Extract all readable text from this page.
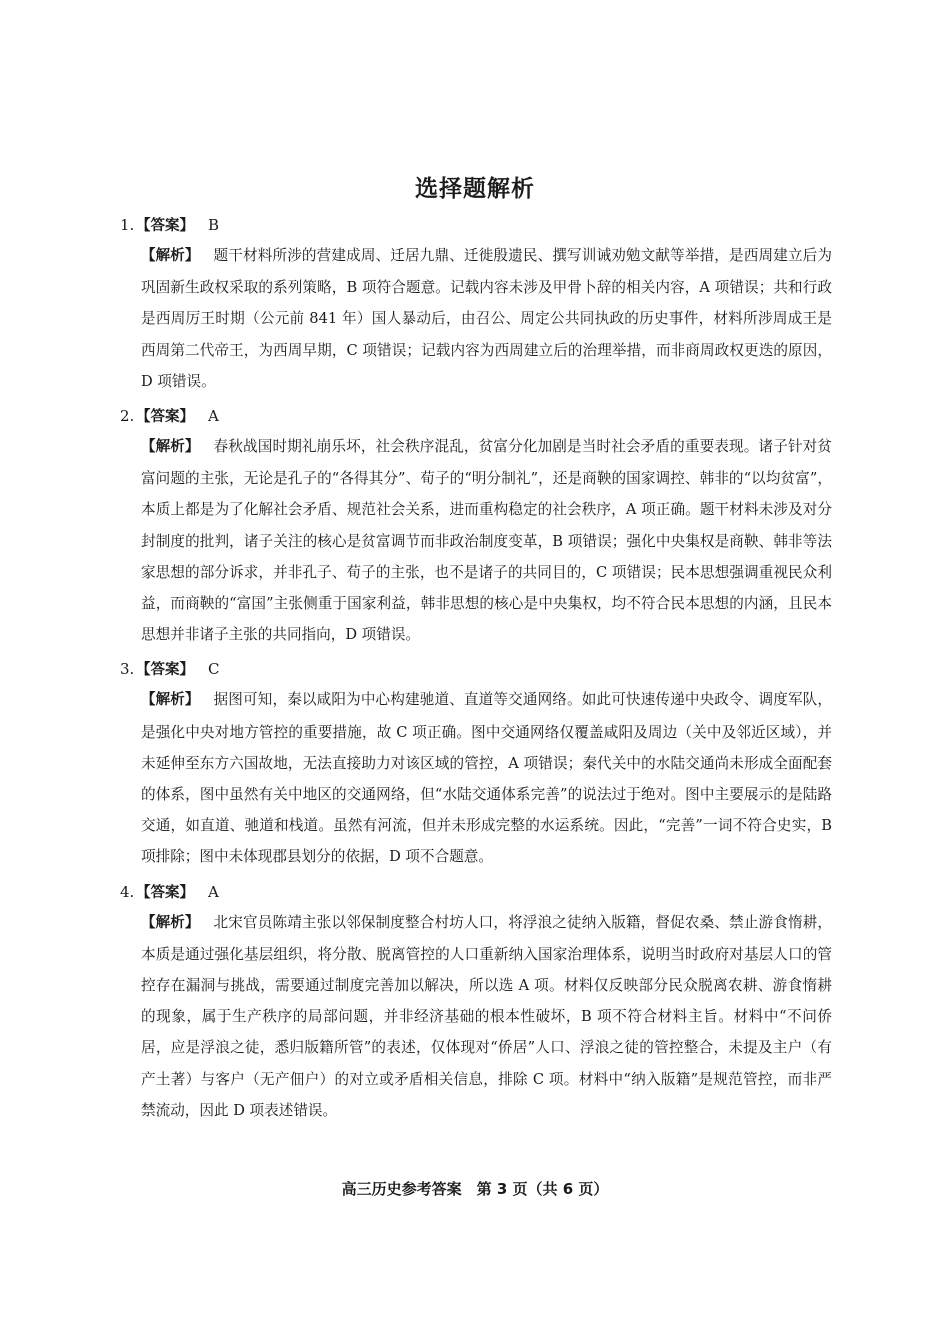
选择题解析
1. 【答案】 B
【解析】 题干材料所涉的营建成周、迁居九鼎、迁徙殷遗民、撰写训诫劝勉文献等举措，是西周建立后为巩固新生政权采取的系列策略，B 项符合题意。记载内容未涉及甲骨卜辞的相关内容，A 项错误；共和行政是西周厉王时期（公元前 841 年）国人暴动后，由召公、周定公共同执政的历史事件，材料所涉周成王是西周第二代帝王，为西周早期，C 项错误；记载内容为西周建立后的治理举措，而非商周政权更迭的原因，D 项错误。
2. 【答案】 A
【解析】 春秋战国时期礼崩乐坏，社会秩序混乱，贫富分化加剧是当时社会矛盾的重要表现。诸子针对贫富问题的主张，无论是孔子的“各得其分”、荀子的“明分制礼”，还是商鞅的国家调控、韩非的“以均贫富”，本质上都是为了化解社会矛盾、规范社会关系，进而重构稳定的社会秩序，A 项正确。题干材料未涉及对分封制度的批判，诸子关注的核心是贫富调节而非政治制度变革，B 项错误；强化中央集权是商鞅、韩非等法家思想的部分诉求，并非孔子、荀子的主张，也不是诸子的共同目的，C 项错误；民本思想强调重视民众利益，而商鞅的“富国”主张侧重于国家利益，韩非思想的核心是中央集权，均不符合民本思想的内涵，且民本思想并非诸子主张的共同指向，D 项错误。
3. 【答案】 C
【解析】 据图可知，秦以咸阳为中心构建驰道、直道等交通网络。如此可快速传递中央政令、调度军队，是强化中央对地方管控的重要措施，故 C 项正确。图中交通网络仅覆盖咸阳及周边（关中及邻近区域），并未延伸至东方六国故地，无法直接助力对该区域的管控，A 项错误；秦代关中的水陆交通尚未形成全面配套的体系，图中虽然有关中地区的交通网络，但“水陆交通体系完善”的说法过于绝对。图中主要展示的是陆路交通，如直道、驰道和栈道。虽然有河流，但并未形成完整的水运系统。因此，“完善”一词不符合史实，B 项排除；图中未体现郡县划分的依据，D 项不合题意。
4. 【答案】 A
【解析】 北宋官员陈靖主张以邻保制度整合村坊人口，将浮浪之徒纳入版籍，督促农桑、禁止游食惰耕，本质是通过强化基层组织，将分散、脱离管控的人口重新纳入国家治理体系，说明当时政府对基层人口的管控存在漏洞与挑战，需要通过制度完善加以解决，所以选 A 项。材料仅反映部分民众脱离农耕、游食惰耕的现象，属于生产秩序的局部问题，并非经济基础的根本性破坏，B 项不符合材料主旨。材料中“不问侨居，应是浮浪之徒，悉归版籍所管”的表述，仅体现对“侨居”人口、浮浪之徒的管控整合，未提及主户（有产土著）与客户（无产佃户）的对立或矛盾相关信息，排除 C 项。材料中“纳入版籍”是规范管控，而非严禁流动，因此 D 项表述错误。
高三历史参考答案　第 3 页（共 6 页）
